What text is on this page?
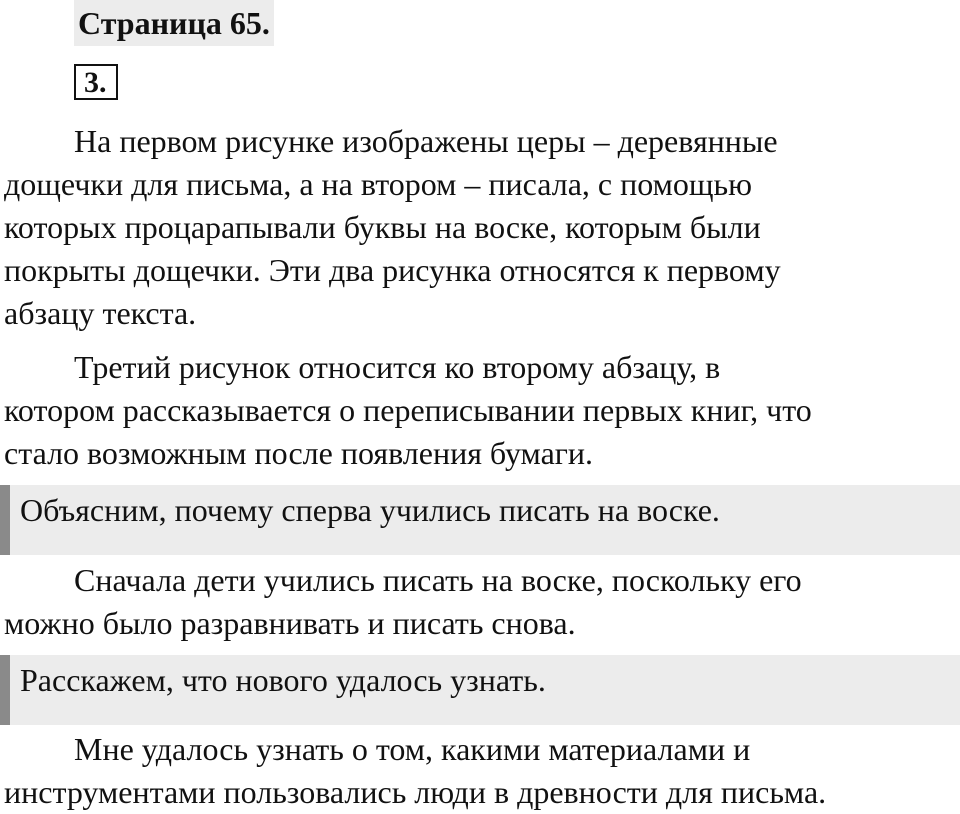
Страница 65.
3.
На первом рисунке изображены церы – деревянные
дощечки для письма, а на втором – писала, с помощью
которых процарапывали буквы на воске, которым были
покрыты дощечки. Эти два рисунка относятся к первому
абзацу текста.
Третий рисунок относится ко второму абзацу, в
котором рассказывается о переписывании первых книг, что
стало возможным после появления бумаги.
Объясним, почему сперва учились писать на воске.
Сначала дети учились писать на воске, поскольку его
можно было разравнивать и писать снова.
Расскажем, что нового удалось узнать.
Мне удалось узнать о том, какими материалами и
инструментами пользовались люди в древности для письма.
